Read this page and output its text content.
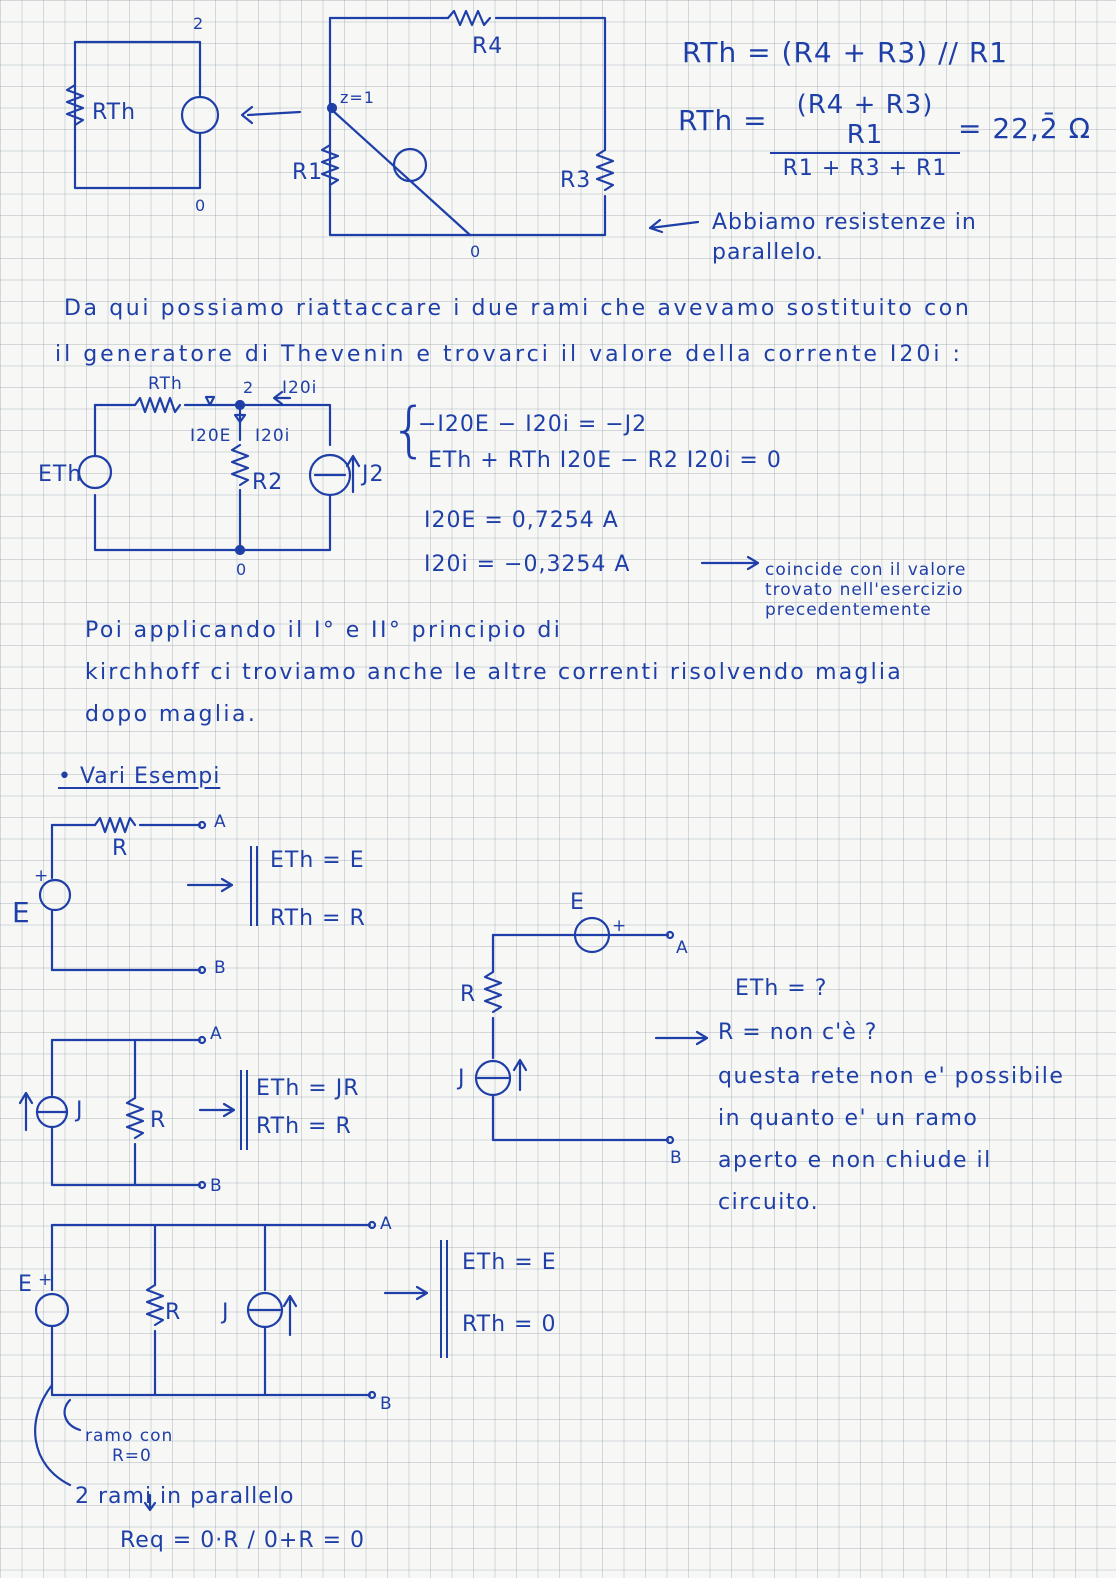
2
0
RTh
R4
R1	R3
z=1
0
RTh = (R4 + R3) // R1
RTh =	(R4 + R3) R1
R1 + R3 + R1
= 22,2̄ Ω
Abbiamo resistenze in
parallelo.
Da qui possiamo riattaccare i due rami che avevamo sostituito con
il generatore di Thevenin e trovarci il valore della corrente I20i :
RTh	2 I20i
I20E I20i
R2
ETh	J2
0
{
−I20E − I20i = −J2
ETh + RTh I20E − R2 I20i = 0
I20E = 0,7254 A
I20i = −0,3254 A	coincide con il valore
trovato nell'esercizio
precedentemente
Poi applicando il I° e II° principio di
kirchhoff ci troviamo anche le altre correnti risolvendo maglia
dopo maglia.
• Vari Esempi
R
E
+
A
B
ETh = E
RTh = R
J	R
A
B
ETh = JR
RTh = R
E +
R J
A
B
ETh = E
RTh = 0
ramo con
R=0
2 rami in parallelo
Req = 0·R / 0+R = 0
E
+
A
R
J
B
ETh = ?
R = non c'è ?
questa rete non e' possibile
in quanto e' un ramo
aperto e non chiude il
circuito.
